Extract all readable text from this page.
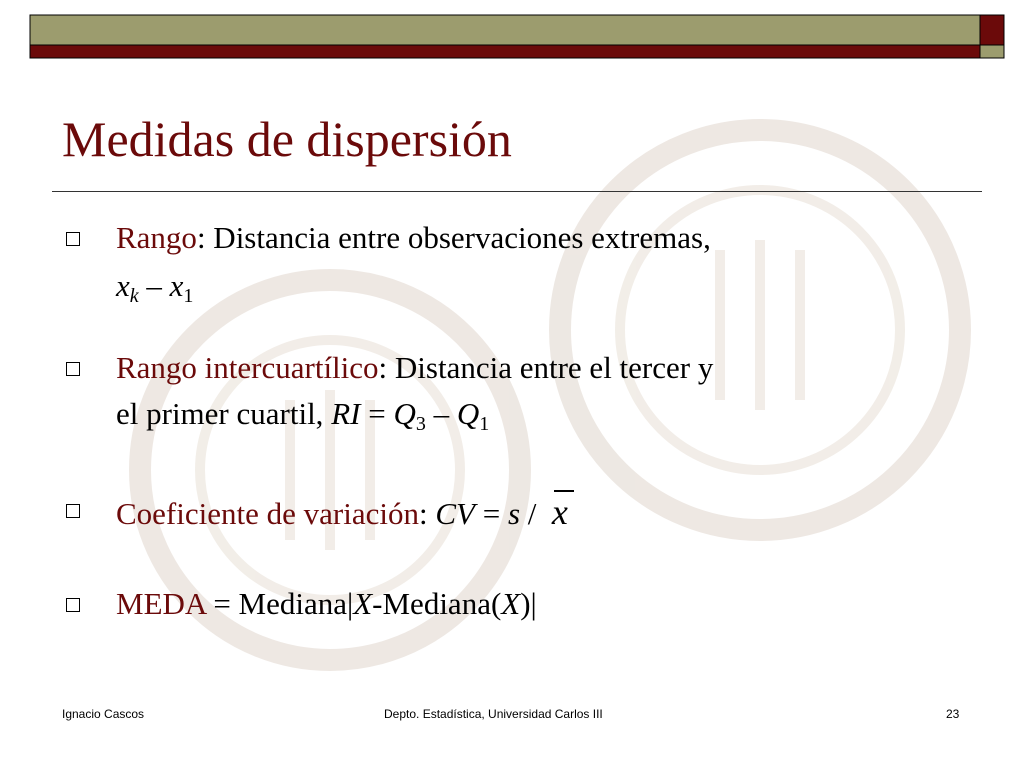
Medidas de dispersión
Rango: Distancia entre observaciones extremas,
$x_k - x_1$
Rango intercuartílico: Distancia entre el tercer y
el primer cuartil, RI = $Q_3 - Q_1$
Coeficiente de variación: CV = s /
x
MEDA = Mediana|X-Mediana(X)|
Ignacio Cascos	Depto. Estadística, Universidad Carlos III	23
